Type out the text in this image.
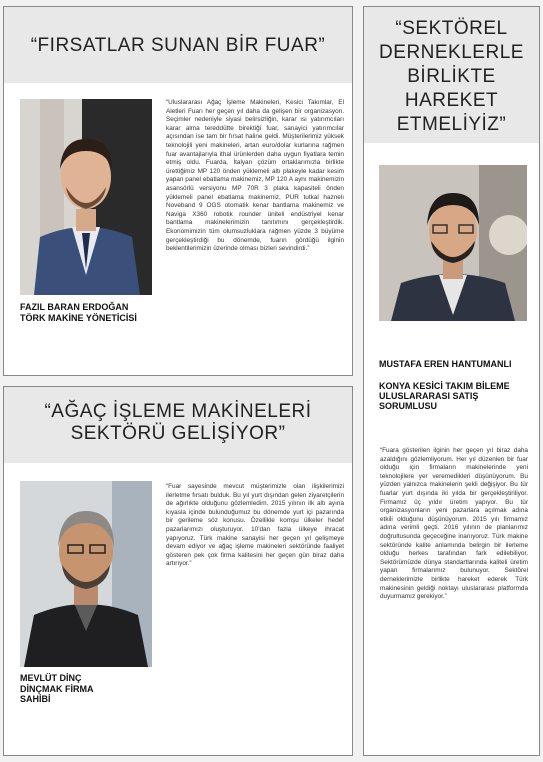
“FIRSATLAR SUNAN BİR FUAR”
FAZIL BARAN ERDOĞAN
TÖRK MAKİNE YÖNETİCİSİ
“Uluslararası Ağaç İşleme Makineleri, Kesici Takımlar, El Aletleri Fuarı her geçen yıl daha da gelişen bir organizasyon. Seçimler nedeniyle siyasi belirsizliğin, karar ısı yatırımcıları karar alma tereddütte birektiği fuar, sanayici yatırımcılar açısından ise tam bir fırsat haline geldi. Müşterilerimiz yüksek teknolojili yeni makineleri, artan euro/dolar kurlarına rağmen fuar avantajlarıyla ithal ürünlerden daha uygun fiyatlara temin etmiş oldu. Fuarda, İtalyan çözüm ortaklarımızla birlikte ürettiğimiz MP 120 önden yüklemeli altı plakeyle kadar kesim yapan panel ebatlama makinemiz, MP 120 A aynı makinemizin asansörlü versiyonu MP 70R 3 plaka kapasiteli önden yüklemeli panel ebatlama makinemiz, PUR tutkal haznelı Noveband 9 OGS otomatik kenar bantlama makinemiz ve Naviga X360 robotik rounder üniteli endüstriyel kenar bantlama makinelerimizin tanıtımını gerçekleştirdik. Ekonomimizin tüm olumsuzluklara rağmen yüzde 3 büyüme gerçekleştirdiği bu dönemde, fuarın gördüğü ilginin beklentilerimizin üzerinde olması bizleri sevindirdi.”
“SEKTÖREL DERNEKLERLE BİRLİKTE HAREKET ETMELİYİZ”
MUSTAFA EREN HANTUMANLI
KONYA KESİCİ TAKIM BİLEME ULUSLARARASI SATIŞ SORUMLUSU
“Fuara gösterilen ilginin her geçen yıl biraz daha azaldığını gözlemliyorum. Her yıl düzenlen bir fuar olduğu için firmaların makinelerinde yeni teknolojilere yer veremedikleri düşünüyorum. Bu yüzden yalnızca makinelerin şekli değişiyor. Bu tür fuarlar yurt dışında iki yılda bir gerçekleştiriliyor. Firmamız üç yıldır üretim yapıyor. Bu tür organizasyonların yeni pazarlara açılmak adına etkili olduğunu düşünüyorum. 2015 yılı firmamız adına verimli geçti. 2016 yılının de planlarımız doğrultusunda geçeceğine inanıyoruz. Türk makine sektöründe kalite anlamında belirgin bir ilerleme olduğu herkes tarafından fark edilebiliyor. Sektörümüzde dünya standartlarında kaliteli üretim yapan firmalarımız bulunuyor. Sektörel derneklerimizle birlikte hareket ederek Türk makinesinin geldiği noktayı uluslararası platformda duyurmamız gerekiyor.”
“AĞAÇ İŞLEME MAKİNELERİ SEKTÖRÜ GELİŞİYOR”
MEVLÜT DİNÇ
DİNÇMAK FİRMA SAHİBİ
“Fuar sayesinde mevcut müşterimizle olan ilişkilerimizi ilerletme fırsatı bulduk. Bu yıl yurt dışından gelen ziyaretçilerin de ağırlıkte olduğunu gözlemledim. 2015 yılının ilk altı ayına kıyasla içinde bulunduğumuz bu dönemde yurt içi pazarında bir gerileme söz konusu. Özellikle komşu ülkeler hedef pazarlarımızı oluşturuyor. 10'dan fazla ülkeye ihracat yapıyoruz. Türk makine sanayisi her geçen yıl gelişmeye devam ediyor ve ağaç işleme makineleri sektöründe faaliyet gösteren pek çok firma kalitesini her geçen gün biraz daha artırıyor.”
